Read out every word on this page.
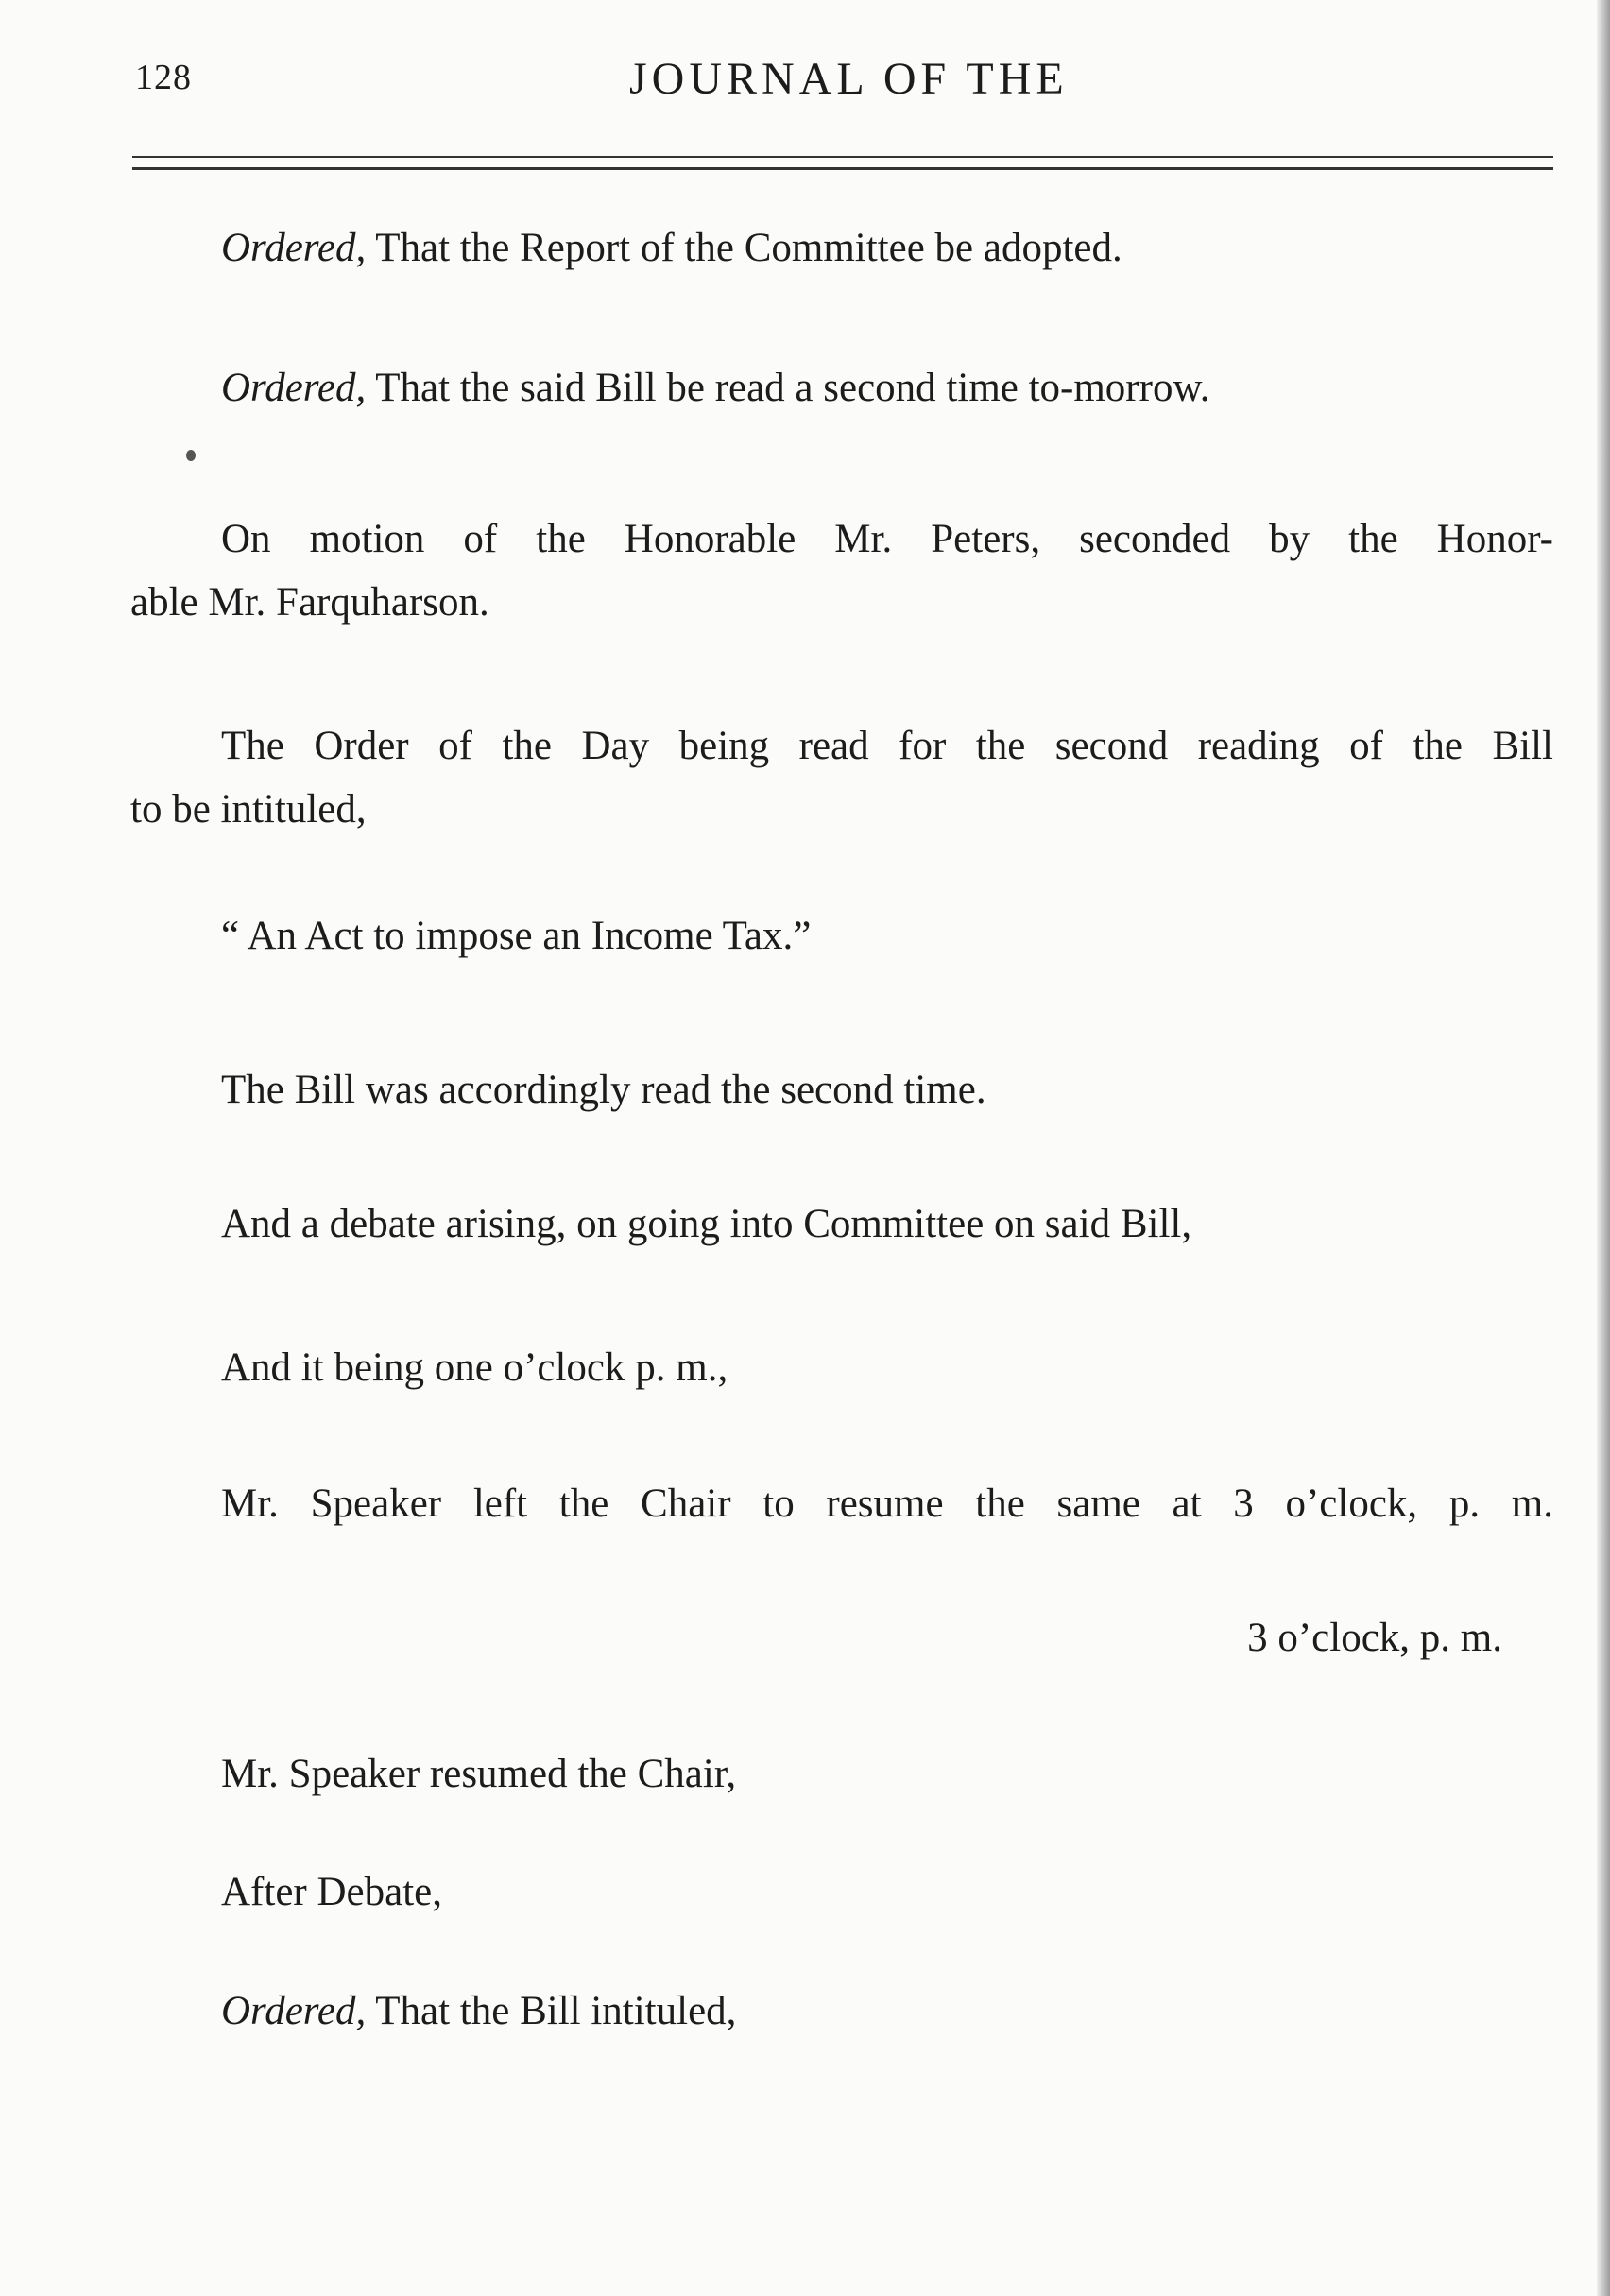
128	JOURNAL OF THE
Ordered, That the Report of the Committee be adopted.
Ordered, That the said Bill be read a second time to-morrow.
On motion of the Honorable Mr. Peters, seconded by the Honor-
able Mr. Farquharson.
The Order of the Day being read for the second reading of the Bill
to be intituled,
“ An Act to impose an Income Tax.”
The Bill was accordingly read the second time.
And a debate arising, on going into Committee on said Bill,
And it being one o’clock p. m.,
Mr. Speaker left the Chair to resume the same at 3 o’clock, p. m.
3 o’clock, p. m.
Mr. Speaker resumed the Chair,
After Debate,
Ordered, That the Bill intituled,
